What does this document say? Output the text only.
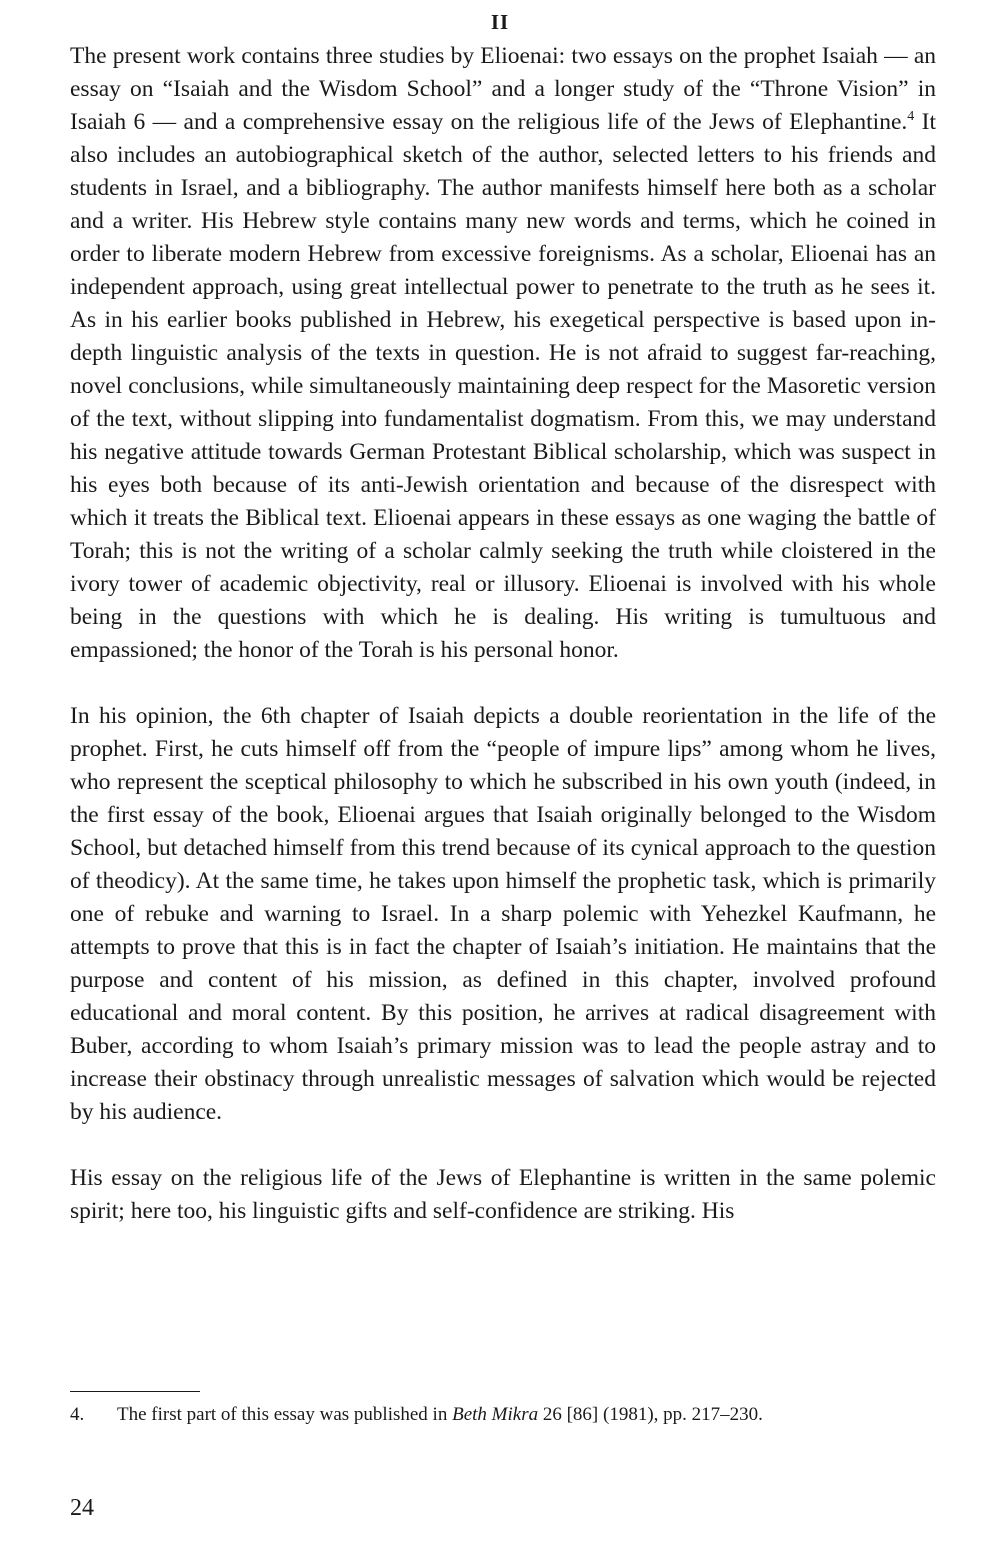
II

The present work contains three studies by Elioenai: two essays on the prophet Isaiah — an essay on “Isaiah and the Wisdom School” and a longer study of the “Throne Vision” in Isaiah 6 — and a comprehensive essay on the religious life of the Jews of Elephantine.$^4$ It also includes an autobiographical sketch of the author, selected letters to his friends and students in Israel, and a bibliography. The author manifests himself here both as a scholar and a writer. His Hebrew style contains many new words and terms, which he coined in order to liberate modern Hebrew from excessive foreignisms. As a scholar, Elioenai has an independent approach, using great intellectual power to penetrate to the truth as he sees it. As in his earlier books published in Hebrew, his exegetical perspective is based upon in-depth linguistic analysis of the texts in question. He is not afraid to suggest far-reaching, novel conclusions, while simultaneously maintaining deep respect for the Masoretic version of the text, without slipping into fundamentalist dogmatism. From this, we may understand his negative attitude towards German Protestant Biblical scholarship, which was suspect in his eyes both because of its anti-Jewish orientation and because of the disrespect with which it treats the Biblical text. Elioenai appears in these essays as one waging the battle of Torah; this is not the writing of a scholar calmly seeking the truth while cloistered in the ivory tower of academic objectivity, real or illusory. Elioenai is involved with his whole being in the questions with which he is dealing. His writing is tumultuous and empassioned; the honor of the Torah is his personal honor.

In his opinion, the 6th chapter of Isaiah depicts a double reorientation in the life of the prophet. First, he cuts himself off from the “people of impure lips” among whom he lives, who represent the sceptical philosophy to which he subscribed in his own youth (indeed, in the first essay of the book, Elioenai argues that Isaiah originally belonged to the Wisdom School, but detached himself from this trend because of its cynical approach to the question of theodicy). At the same time, he takes upon himself the prophetic task, which is primarily one of rebuke and warning to Israel. In a sharp polemic with Yehezkel Kaufmann, he attempts to prove that this is in fact the chapter of Isaiah’s initiation. He maintains that the purpose and content of his mission, as defined in this chapter, involved profound educational and moral content. By this position, he arrives at radical disagreement with Buber, according to whom Isaiah’s primary mission was to lead the people astray and to increase their obstinacy through unrealistic messages of salvation which would be rejected by his audience.

His essay on the religious life of the Jews of Elephantine is written in the same polemic spirit; here too, his linguistic gifts and self-confidence are striking. His

4. The first part of this essay was published in Beth Mikra 26 [86] (1981), pp. 217–230.
24
